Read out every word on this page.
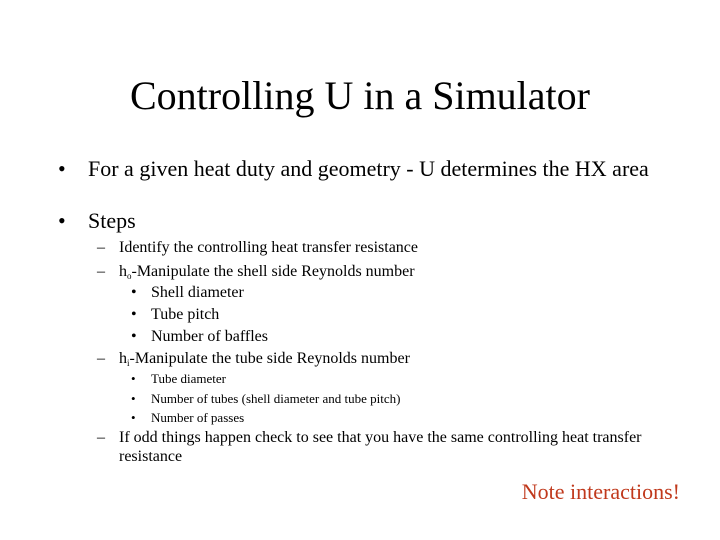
Controlling U in a Simulator
• For a given heat duty and geometry - U determines the HX area
• Steps
– Identify the controlling heat transfer resistance
– $h_o$-Manipulate the shell side Reynolds number
• Shell diameter
• Tube pitch
• Number of baffles
– $h_i$-Manipulate the tube side Reynolds number
• Tube diameter
• Number of tubes (shell diameter and tube pitch)
• Number of passes
– If odd things happen check to see that you have the same controlling heat transfer resistance
Note interactions!
